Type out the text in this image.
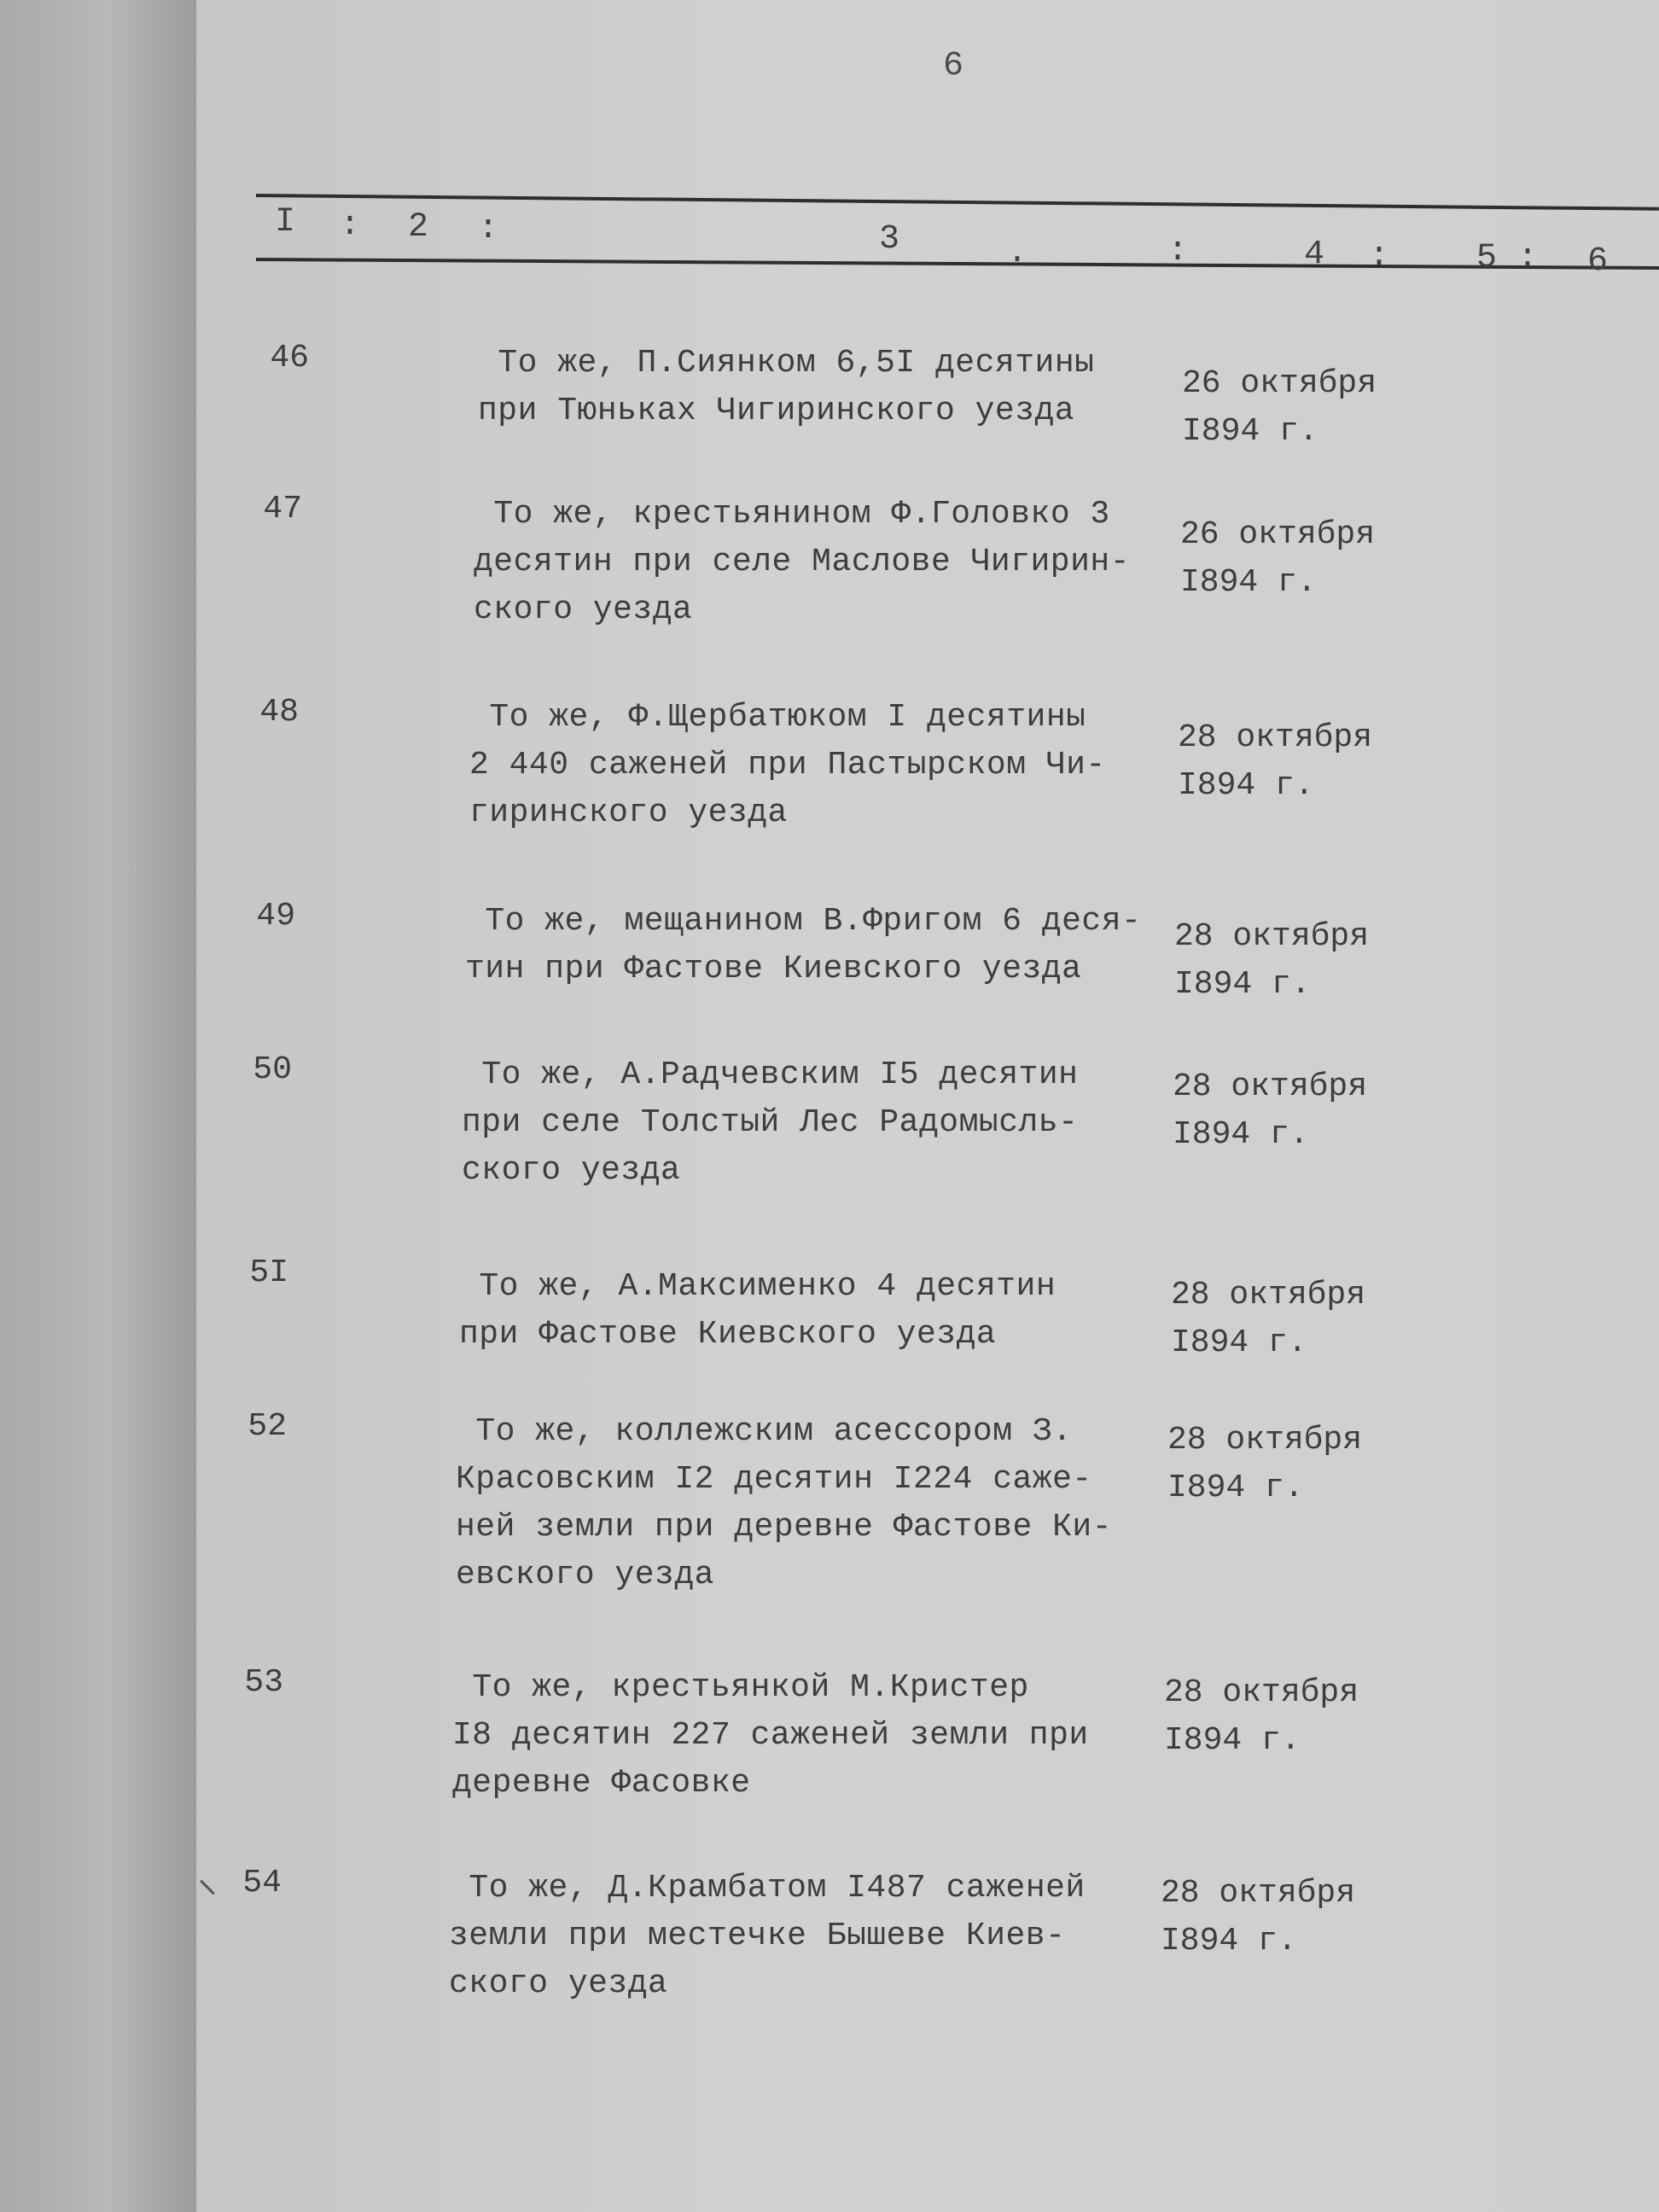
6
I : 2 :	3	.	:	4 :	5 : 6
46	То же, П.Сиянком 6,5I десятины
при Тюньках Чигиринского уезда
26 октября
I894 г.
47	То же, крестьянином Ф.Головко 3
десятин при селе Маслове Чигирин-
ского уезда
26 октября
I894 г.
48	То же, Ф.Щербатюком I десятины
2 440 саженей при Пастырском Чи-
гиринского уезда
28 октября
I894 г.
49	То же, мещанином В.Фригом 6 деся-
тин при Фастове Киевского уезда
28 октября
I894 г.
50	То же, А.Радчевским I5 десятин
при селе Толстый Лес Радомысль-
ского уезда
28 октября
I894 г.
5I	То же, А.Максименко 4 десятин
при Фастове Киевского уезда
28 октября
I894 г.
52	То же, коллежским асессором З.
Красовским I2 десятин I224 саже-
ней земли при деревне Фастове Ки-
евского уезда
28 октября
I894 г.
53	То же, крестьянкой М.Кристер
I8 десятин 227 саженей земли при
деревне Фасовке
28 октября
I894 г.
54	То же, Д.Крамбатом I487 саженей
земли при местечке Бышеве Киев-
ского уезда
28 октября
I894 г.
